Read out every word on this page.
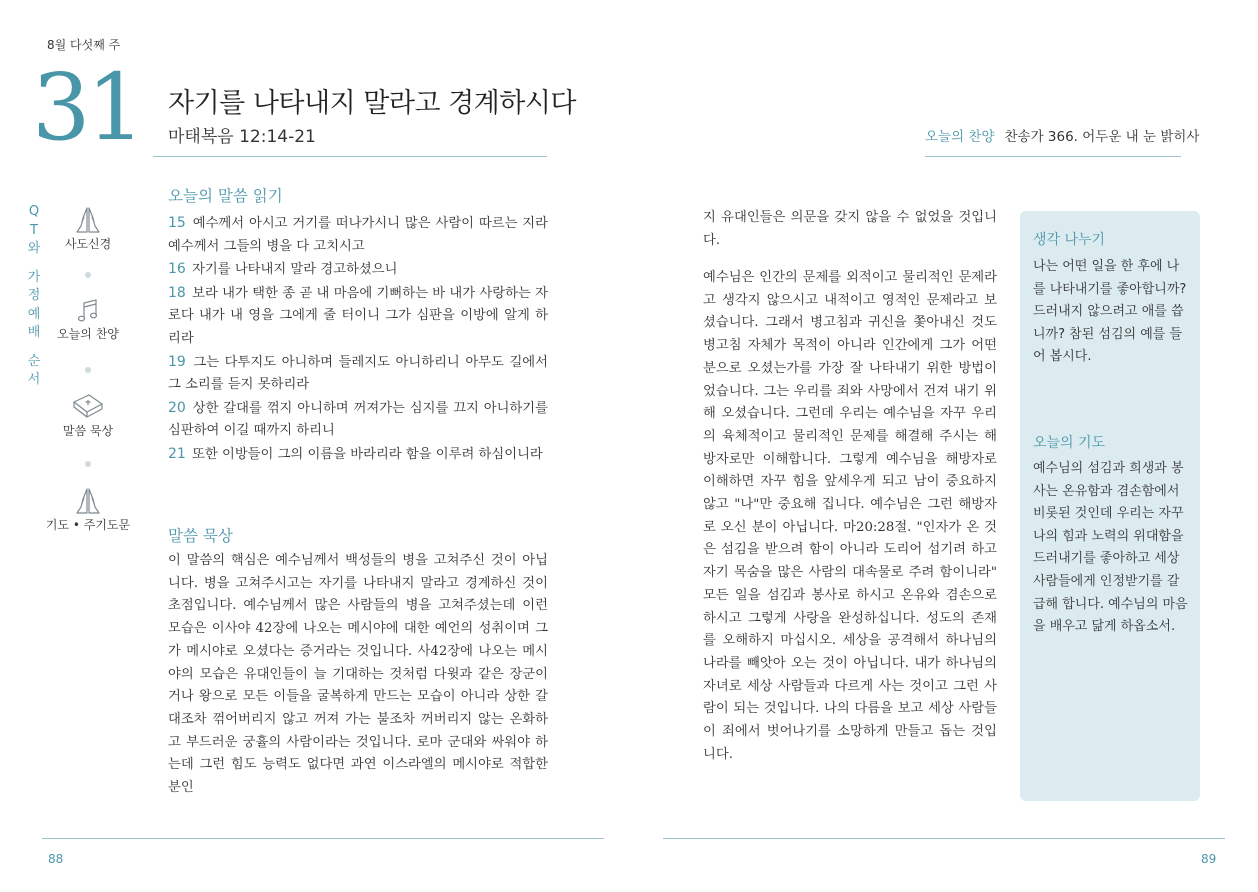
8월 다섯째 주
31 자기를 나타내지 말라고 경계하시다
마태복음 12:14-21	오늘의 찬양 찬송가 366. 어두운 내 눈 밝히사
Q
T
와
가
정
예
배
순
서
사도신경
오늘의 찬양
말씀 묵상
기도 • 주기도문
오늘의 말씀 읽기
15 예수께서 아시고 거기를 떠나가시니 많은 사람이 따르는 지라 예수께서 그들의 병을 다 고치시고
16 자기를 나타내지 말라 경고하셨으니
18 보라 내가 택한 종 곧 내 마음에 기뻐하는 바 내가 사랑하는 자로다 내가 내 영을 그에게 줄 터이니 그가 심판을 이방에 알게 하리라
19 그는 다투지도 아니하며 들레지도 아니하리니 아무도 길에서 그 소리를 듣지 못하리라
20 상한 갈대를 꺾지 아니하며 꺼져가는 심지를 끄지 아니하기를 심판하여 이길 때까지 하리니
21 또한 이방들이 그의 이름을 바라리라 함을 이루려 하심이니라
말씀 묵상
이 말씀의 핵심은 예수님께서 백성들의 병을 고쳐주신 것이 아닙니다. 병을 고쳐주시고는 자기를 나타내지 말라고 경계하신 것이 초점입니다. 예수님께서 많은 사람들의 병을 고쳐주셨는데 이런 모습은 이사야 42장에 나오는 메시야에 대한 예언의 성취이며 그가 메시야로 오셨다는 증거라는 것입니다. 사42장에 나오는 메시야의 모습은 유대인들이 늘 기대하는 것처럼 다윗과 같은 장군이거나 왕으로 모든 이들을 굴복하게 만드는 모습이 아니라 상한 갈대조차 꺾어버리지 않고 꺼져 가는 불조차 꺼버리지 않는 온화하고 부드러운 궁휼의 사람이라는 것입니다. 로마 군대와 싸워야 하는데 그런 힘도 능력도 없다면 과연 이스라엘의 메시야로 적합한 분인
지 유대인들은 의문을 갖지 않을 수 없었을 것입니다.
예수님은 인간의 문제를 외적이고 물리적인 문제라고 생각지 않으시고 내적이고 영적인 문제라고 보셨습니다. 그래서 병고침과 귀신을 쫓아내신 것도 병고침 자체가 목적이 아니라 인간에게 그가 어떤 분으로 오셨는가를 가장 잘 나타내기 위한 방법이었습니다. 그는 우리를 죄와 사망에서 건져 내기 위해 오셨습니다. 그런데 우리는 예수님을 자꾸 우리의 육체적이고 물리적인 문제를 해결해 주시는 해방자로만 이해합니다. 그렇게 예수님을 해방자로 이해하면 자꾸 힘을 앞세우게 되고 남이 중요하지 않고 "나"만 중요해 집니다. 예수님은 그런 해방자로 오신 분이 아닙니다. 마20:28절. "인자가 온 것은 섬김을 받으려 함이 아니라 도리어 섬기려 하고 자기 목숨을 많은 사람의 대속물로 주려 함이니라" 모든 일을 섬김과 봉사로 하시고 온유와 겸손으로 하시고 그렇게 사랑을 완성하십니다. 성도의 존재를 오해하지 마십시오. 세상을 공격해서 하나님의 나라를 빼앗아 오는 것이 아닙니다. 내가 하나님의 자녀로 세상 사람들과 다르게 사는 것이고 그런 사람이 되는 것입니다. 나의 다름을 보고 세상 사람들이 죄에서 벗어나기를 소망하게 만들고 돕는 것입니다.
생각 나누기
나는 어떤 일을 한 후에 나를 나타내기를 좋아합니까? 드러내지 않으려고 애를 씁니까? 참된 섬김의 예를 들어 봅시다.
오늘의 기도
예수님의 섬김과 희생과 봉사는 온유함과 겸손함에서 비롯된 것인데 우리는 자꾸 나의 힘과 노력의 위대함을 드러내기를 좋아하고 세상 사람들에게 인정받기를 갈급해 합니다. 예수님의 마음을 배우고 닮게 하옵소서.
88	89
